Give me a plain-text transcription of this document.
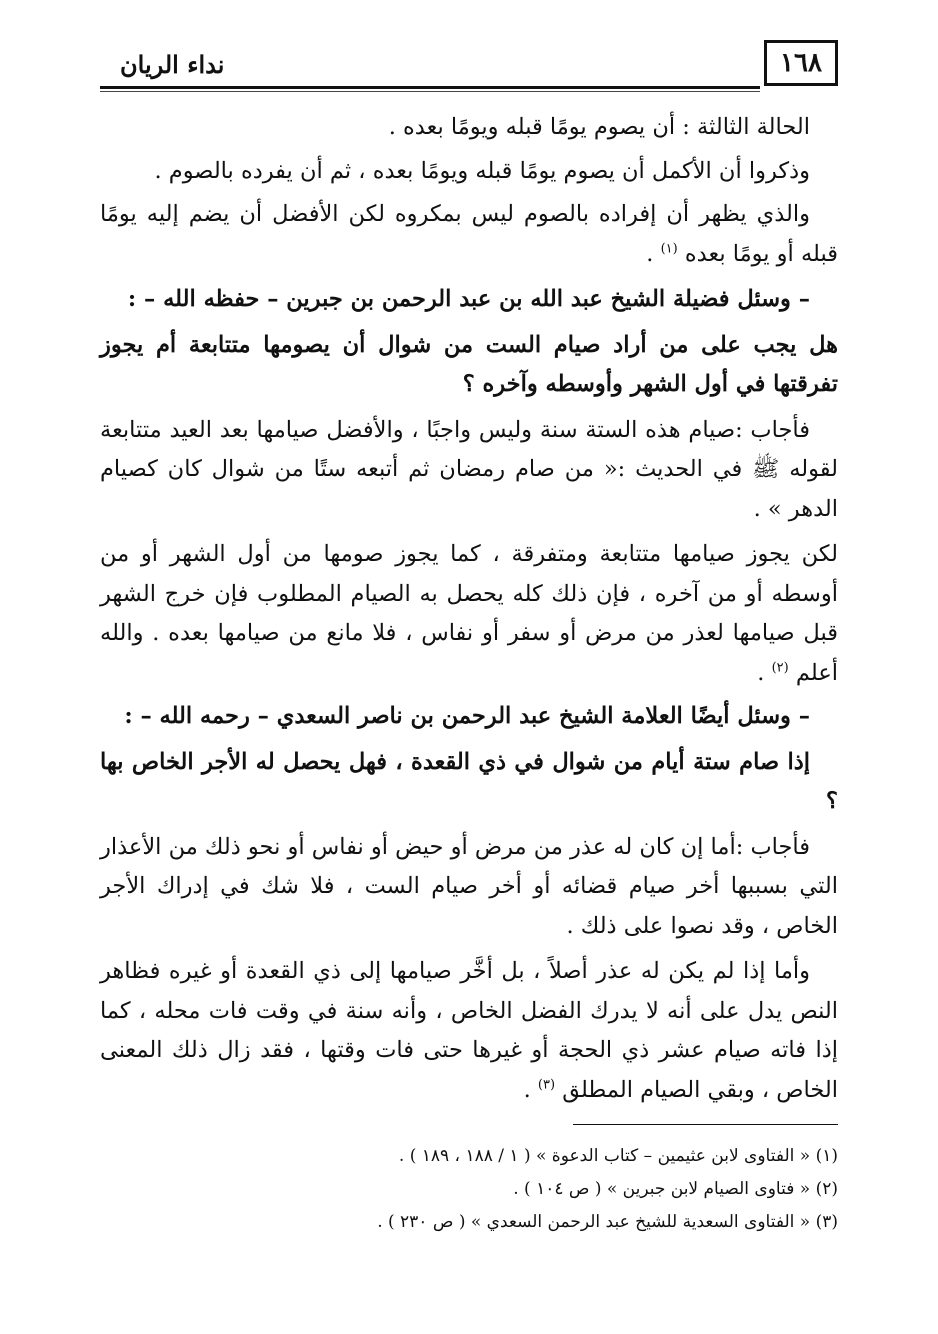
١٦٨
نداء الريان

الحالة الثالثة : أن يصوم يومًا قبله ويومًا بعده .

وذكروا أن الأكمل أن يصوم يومًا قبله ويومًا بعده ، ثم أن يفرده بالصوم .

والذي يظهر أن إفراده بالصوم ليس بمكروه لكن الأفضل أن يضم إليه يومًا قبله أو يومًا بعده $^{(١)}$ .

– وسئل فضيلة الشيخ عبد الله بن عبد الرحمن بن جبرين – حفظه الله – :

هل يجب على من أراد صيام الست من شوال أن يصومها متتابعة أم يجوز تفرقتها في أول الشهر وأوسطه وآخره ؟

فأجاب :صيام هذه الستة سنة وليس واجبًا ، والأفضل صيامها بعد العيد متتابعة لقوله ﷺ في الحديث :« من صام رمضان ثم أتبعه ستًا من شوال كان كصيام الدهر » .

لكن يجوز صيامها متتابعة ومتفرقة ، كما يجوز صومها من أول الشهر أو من أوسطه أو من آخره ، فإن ذلك كله يحصل به الصيام المطلوب فإن خرج الشهر قبل صيامها لعذر من مرض أو سفر أو نفاس ، فلا مانع من صيامها بعده . والله أعلم $^{(٢)}$ .

– وسئل أيضًا العلامة الشيخ عبد الرحمن بن ناصر السعدي – رحمه الله – :

إذا صام ستة أيام من شوال في ذي القعدة ، فهل يحصل له الأجر الخاص بها ؟

فأجاب :أما إن كان له عذر من مرض أو حيض أو نفاس أو نحو ذلك من الأعذار التي بسببها أخر صيام قضائه أو أخر صيام الست ، فلا شك في إدراك الأجر الخاص ، وقد نصوا على ذلك .

وأما إذا لم يكن له عذر أصلاً ، بل أخَّر صيامها إلى ذي القعدة أو غيره فظاهر النص يدل على أنه لا يدرك الفضل الخاص ، وأنه سنة في وقت فات محله ، كما إذا فاته صيام عشر ذي الحجة أو غيرها حتى فات وقتها ، فقد زال ذلك المعنى الخاص ، وبقي الصيام المطلق $^{(٣)}$ .

(١) « الفتاوى لابن عثيمين – كتاب الدعوة » ( ١ / ١٨٨ ، ١٨٩ ) .
(٢) « فتاوى الصيام لابن جبرين » ( ص ١٠٤ ) .
(٣) « الفتاوى السعدية للشيخ عبد الرحمن السعدي » ( ص ٢٣٠ ) .
